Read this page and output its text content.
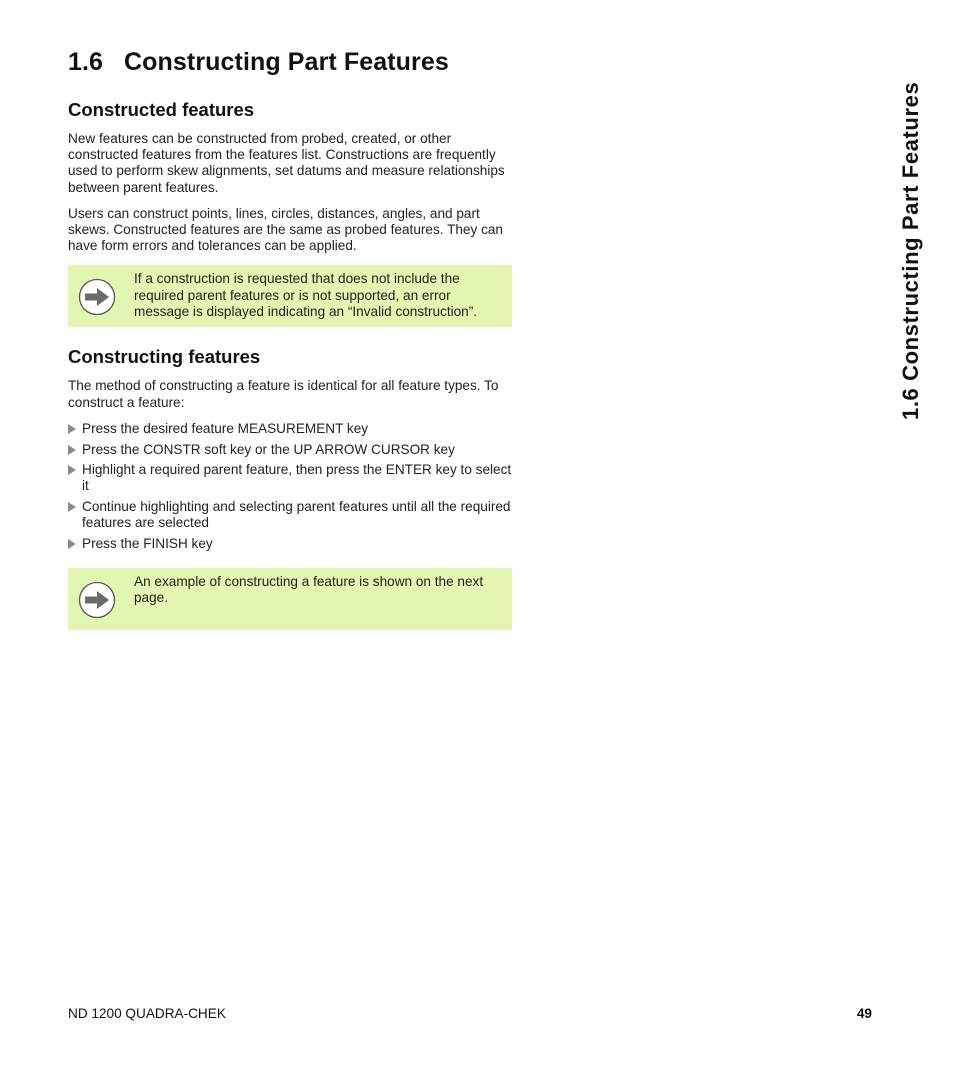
1.6 Constructing Part Features
Constructed features

New features can be constructed from probed, created, or other constructed features from the features list. Constructions are frequently used to perform skew alignments, set datums and measure relationships between parent features.

Users can construct points, lines, circles, distances, angles, and part skews. Constructed features are the same as probed features. They can have form errors and tolerances can be applied.

If a construction is requested that does not include the required parent features or is not supported, an error message is displayed indicating an “Invalid construction”.
Constructing features

The method of constructing a feature is identical for all feature types. To construct a feature:

Press the desired feature MEASUREMENT key
Press the CONSTR soft key or the UP ARROW CURSOR key
Highlight a required parent feature, then press the ENTER key to select it
Continue highlighting and selecting parent features until all the required features are selected
Press the FINISH key
An example of constructing a feature is shown on the next page.
1.6 Constructing Part Features
ND 1200 QUADRA-CHEK	49
